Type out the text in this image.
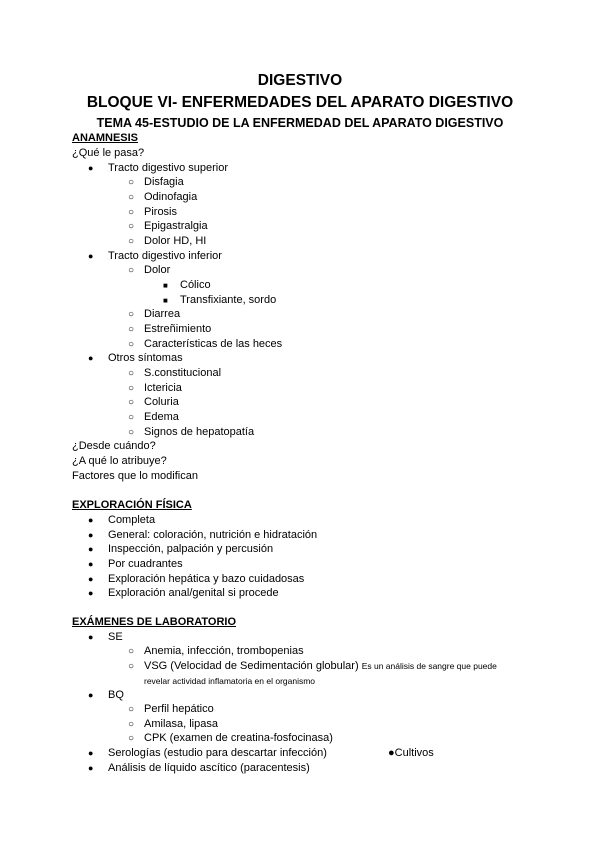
DIGESTIVO
BLOQUE VI- ENFERMEDADES DEL APARATO DIGESTIVO
TEMA 45-ESTUDIO DE LA ENFERMEDAD DEL APARATO DIGESTIVO
ANAMNESIS
¿Qué le pasa?
● Tracto digestivo superior
○ Disfagia
○ Odinofagia
○ Pirosis
○ Epigastralgia
○ Dolor HD, HI
● Tracto digestivo inferior
○ Dolor
■ Cólico
■ Transfixiante, sordo
○ Diarrea
○ Estreñimiento
○ Características de las heces
● Otros síntomas
○ S.constitucional
○ Ictericia
○ Coluria
○ Edema
○ Signos de hepatopatía
¿Desde cuándo?
¿A qué lo atribuye?
Factores que lo modifican
EXPLORACIÓN FÍSICA
● Completa
● General: coloración, nutrición e hidratación
● Inspección, palpación y percusión
● Por cuadrantes
● Exploración hepática y bazo cuidadosas
● Exploración anal/genital si procede
EXÁMENES DE LABORATORIO
● SE
○ Anemia, infección, trombopenias
○ VSG (Velocidad de Sedimentación globular) Es un análisis de sangre que puede
revelar actividad inflamatoria en el organismo
● BQ
○ Perfil hepático
○ Amilasa, lipasa
○ CPK (examen de creatina-fosfocinasa)
● Serologías (estudio para descartar infección)	●Cultivos
● Análisis de líquido ascítico (paracentesis)
